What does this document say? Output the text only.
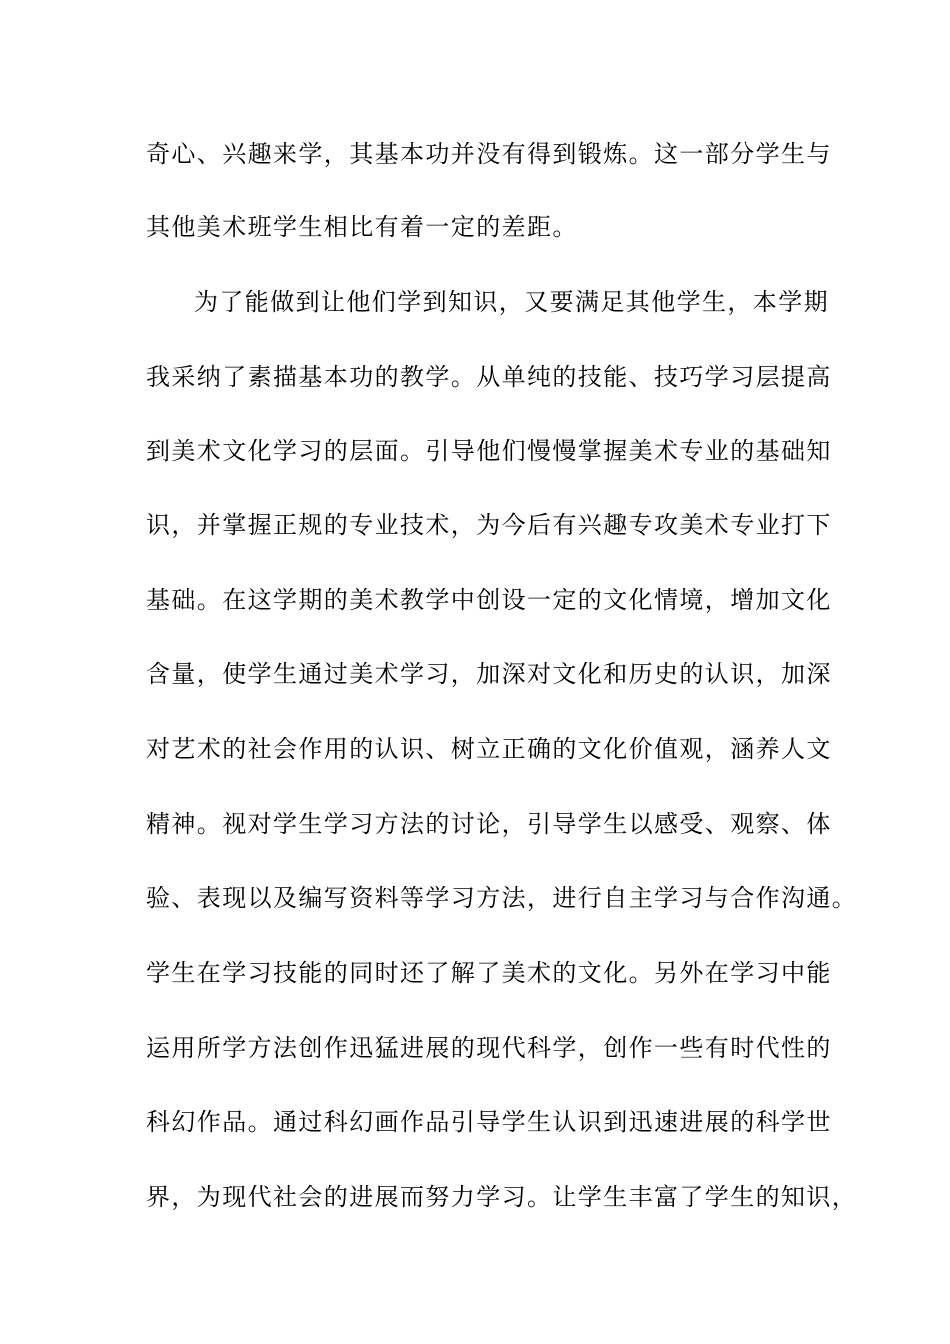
奇心、兴趣来学，其基本功并没有得到锻炼。这一部分学生与

其他美术班学生相比有着一定的差距。

为了能做到让他们学到知识，又要满足其他学生，本学期

我采纳了素描基本功的教学。从单纯的技能、技巧学习层提高

到美术文化学习的层面。引导他们慢慢掌握美术专业的基础知

识，并掌握正规的专业技术，为今后有兴趣专攻美术专业打下

基础。在这学期的美术教学中创设一定的文化情境，增加文化

含量，使学生通过美术学习，加深对文化和历史的认识，加深

对艺术的社会作用的认识、树立正确的文化价值观，涵养人文

精神。视对学生学习方法的讨论，引导学生以感受、观察、体

验、表现以及编写资料等学习方法，进行自主学习与合作沟通。

学生在学习技能的同时还了解了美术的文化。另外在学习中能

运用所学方法创作迅猛进展的现代科学，创作一些有时代性的

科幻作品。通过科幻画作品引导学生认识到迅速进展的科学世

界，为现代社会的进展而努力学习。让学生丰富了学生的知识，
